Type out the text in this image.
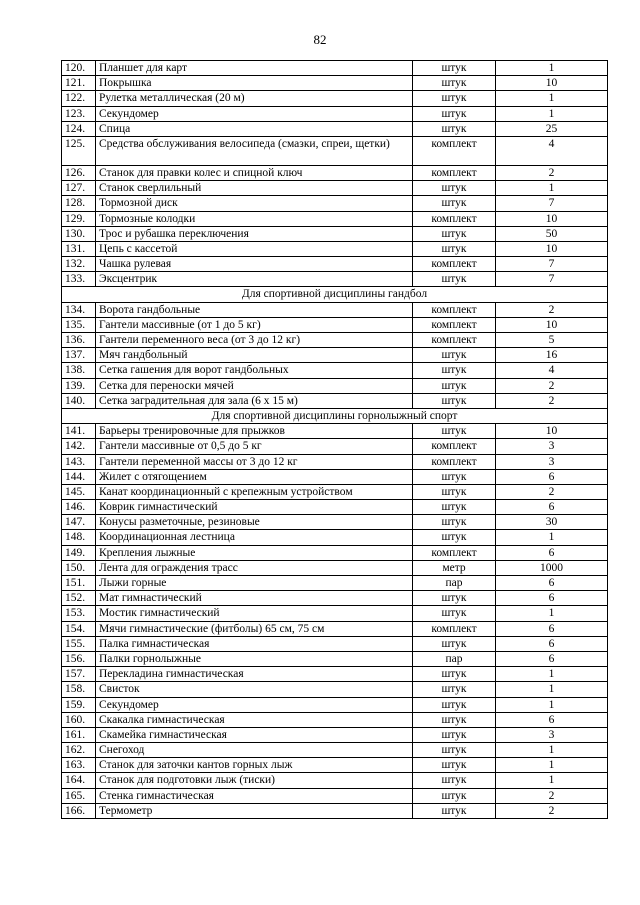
82
120.	Планшет для карт	штук	1
121.	Покрышка	штук	10
122.	Рулетка металлическая (20 м)	штук	1
123.	Секундомер	штук	1
124.	Спица	штук	25
125.	Средства обслуживания велосипеда (смазки, спреи, щетки)	комплект	4
126.	Станок для правки колес и спицной ключ	комплект	2
127.	Станок сверлильный	штук	1
128.	Тормозной диск	штук	7
129.	Тормозные колодки	комплект	10
130.	Трос и рубашка переключения	штук	50
131.	Цепь с кассетой	штук	10
132.	Чашка рулевая	комплект	7
133.	Эксцентрик	штук	7
Для спортивной дисциплины гандбол			
134.	Ворота гандбольные	комплект	2
135.	Гантели массивные (от 1 до 5 кг)	комплект	10
136.	Гантели переменного веса (от 3 до 12 кг)	комплект	5
137.	Мяч гандбольный	штук	16
138.	Сетка гашения для ворот гандбольных	штук	4
139.	Сетка для переноски мячей	штук	2
140.	Сетка заградительная для зала (6 х 15 м)	штук	2
Для спортивной дисциплины горнолыжный спорт			
141.	Барьеры тренировочные для прыжков	штук	10
142.	Гантели массивные от 0,5 до 5 кг	комплект	3
143.	Гантели переменной массы от 3 до 12 кг	комплект	3
144.	Жилет с отягощением	штук	6
145.	Канат координационный с крепежным устройством	штук	2
146.	Коврик гимнастический	штук	6
147.	Конусы разметочные, резиновые	штук	30
148.	Координационная лестница	штук	1
149.	Крепления лыжные	комплект	6
150.	Лента для ограждения трасс	метр	1000
151.	Лыжи горные	пар	6
152.	Мат гимнастический	штук	6
153.	Мостик гимнастический	штук	1
154.	Мячи гимнастические (фитболы) 65 см, 75 см	комплект	6
155.	Палка гимнастическая	штук	6
156.	Палки горнолыжные	пар	6
157.	Перекладина гимнастическая	штук	1
158.	Свисток	штук	1
159.	Секундомер	штук	1
160.	Скакалка гимнастическая	штук	6
161.	Скамейка гимнастическая	штук	3
162.	Снегоход	штук	1
163.	Станок для заточки кантов горных лыж	штук	1
164.	Станок для подготовки лыж (тиски)	штук	1
165.	Стенка гимнастическая	штук	2
166.	Термометр	штук	2
